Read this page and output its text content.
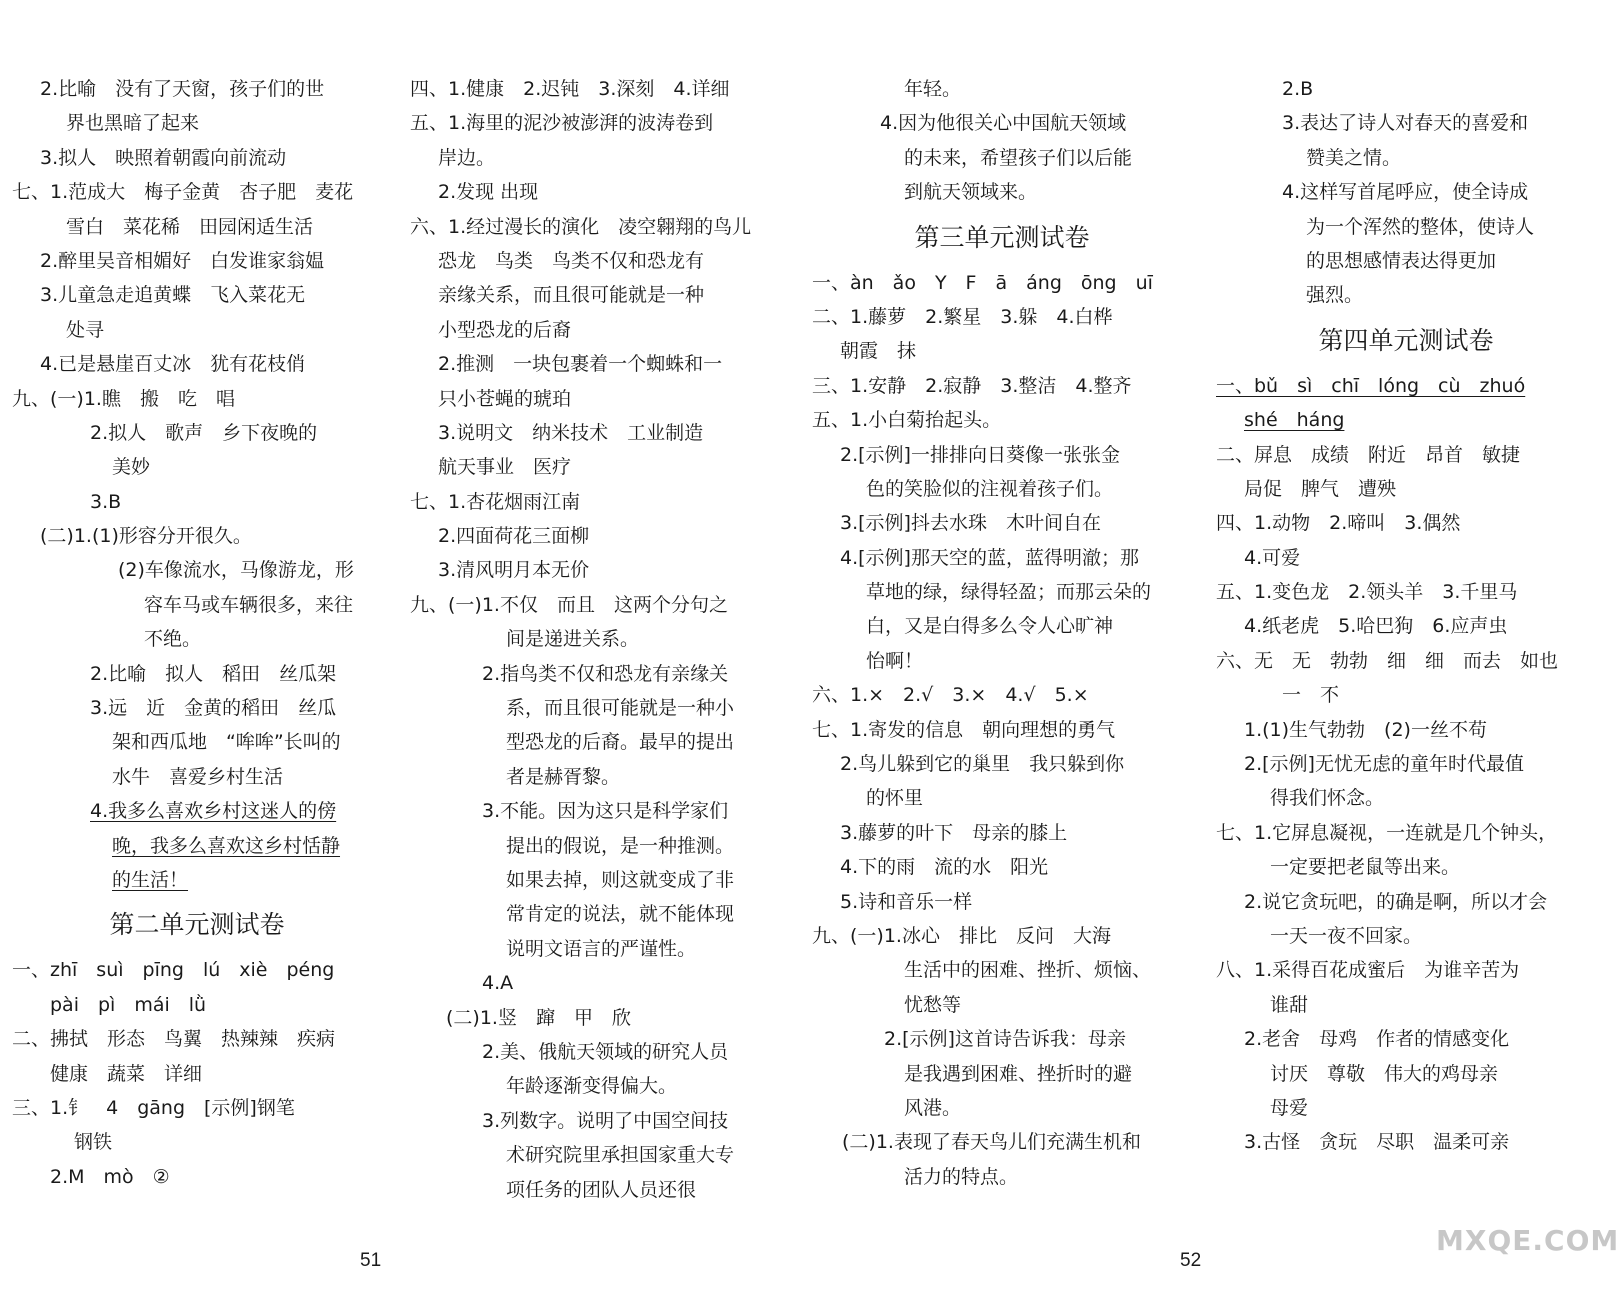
2.比喻　没有了天窗，孩子们的世
界也黑暗了起来
3.拟人　映照着朝霞向前流动
七、1.范成大　梅子金黄　杏子肥　麦花
雪白　菜花稀　田园闲适生活
2.醉里吴音相媚好　白发谁家翁媪
3.儿童急走追黄蝶　飞入菜花无
处寻
4.已是悬崖百丈冰　犹有花枝俏
九、(一)1.瞧　搬　吃　唱
2.拟人　歌声　乡下夜晚的
美妙
3.B
(二)1.(1)形容分开很久。
(2)车像流水，马像游龙，形
容车马或车辆很多，来往
不绝。
2.比喻　拟人　稻田　丝瓜架
3.远　近　金黄的稻田　丝瓜
架和西瓜地　“哞哞”长叫的
水牛　喜爱乡村生活
4.我多么喜欢乡村这迷人的傍
晚，我多么喜欢这乡村恬静
的生活！
第二单元测试卷
一、zhī　suì　pīng　lú　xiè　péng
pài　pì　mái　lǜ
二、拂拭　形态　鸟翼　热辣辣　疾病
健康　蔬菜　详细
三、1.钅　4　gāng　[示例]钢笔
钢铁
2.M　mò　②
四、1.健康　2.迟钝　3.深刻　4.详细
五、1.海里的泥沙被澎湃的波涛卷到
岸边。
2.发现 出现
六、1.经过漫长的演化　凌空翱翔的鸟儿
恐龙　鸟类　鸟类不仅和恐龙有
亲缘关系，而且很可能就是一种
小型恐龙的后裔
2.推测　一块包裹着一个蜘蛛和一
只小苍蝇的琥珀
3.说明文　纳米技术　工业制造
航天事业　医疗
七、1.杏花烟雨江南
2.四面荷花三面柳
3.清风明月本无价
九、(一)1.不仅　而且　这两个分句之
间是递进关系。
2.指鸟类不仅和恐龙有亲缘关
系，而且很可能就是一种小
型恐龙的后裔。最早的提出
者是赫胥黎。
3.不能。因为这只是科学家们
提出的假说，是一种推测。
如果去掉，则这就变成了非
常肯定的说法，就不能体现
说明文语言的严谨性。
4.A
(二)1.竖　蹿　甲　欣
2.美、俄航天领域的研究人员
年龄逐渐变得偏大。
3.列数字。说明了中国空间技
术研究院里承担国家重大专
项任务的团队人员还很
年轻。
4.因为他很关心中国航天领域
的未来，希望孩子们以后能
到航天领域来。
第三单元测试卷
一、àn　ǎo　Y　F　ā　áng　ōng　uī
二、1.藤萝　2.繁星　3.躲　4.白桦
朝霞　抹
三、1.安静　2.寂静　3.整洁　4.整齐
五、1.小白菊抬起头。
2.[示例]一排排向日葵像一张张金
色的笑脸似的注视着孩子们。
3.[示例]抖去水珠　木叶间自在
4.[示例]那天空的蓝，蓝得明澈；那
草地的绿，绿得轻盈；而那云朵的
白，又是白得多么令人心旷神
怡啊！
六、1.×　2.√　3.×　4.√　5.×
七、1.寄发的信息　朝向理想的勇气
2.鸟儿躲到它的巢里　我只躲到你
的怀里
3.藤萝的叶下　母亲的膝上
4.下的雨　流的水　阳光
5.诗和音乐一样
九、(一)1.冰心　排比　反问　大海
生活中的困难、挫折、烦恼、
忧愁等
2.[示例]这首诗告诉我：母亲
是我遇到困难、挫折时的避
风港。
(二)1.表现了春天鸟儿们充满生机和
活力的特点。
2.B
3.表达了诗人对春天的喜爱和
赞美之情。
4.这样写首尾呼应，使全诗成
为一个浑然的整体，使诗人
的思想感情表达得更加
强烈。
第四单元测试卷
一、bǔ　sì　chī　lóng　cù　zhuó
shé　háng
二、屏息　成绩　附近　昂首　敏捷
局促　脾气　遭殃
四、1.动物　2.啼叫　3.偶然
4.可爱
五、1.变色龙　2.领头羊　3.千里马
4.纸老虎　5.哈巴狗　6.应声虫
六、无　无　勃勃　细　细　而去　如也
一　不
1.(1)生气勃勃　(2)一丝不苟
2.[示例]无忧无虑的童年时代最值
得我们怀念。
七、1.它屏息凝视，一连就是几个钟头，
一定要把老鼠等出来。
2.说它贪玩吧，的确是啊，所以才会
一天一夜不回家。
八、1.采得百花成蜜后　为谁辛苦为
谁甜
2.老舍　母鸡　作者的情感变化
讨厌　尊敬　伟大的鸡母亲
母爱
3.古怪　贪玩　尽职　温柔可亲
51	52
MXQE.COM
